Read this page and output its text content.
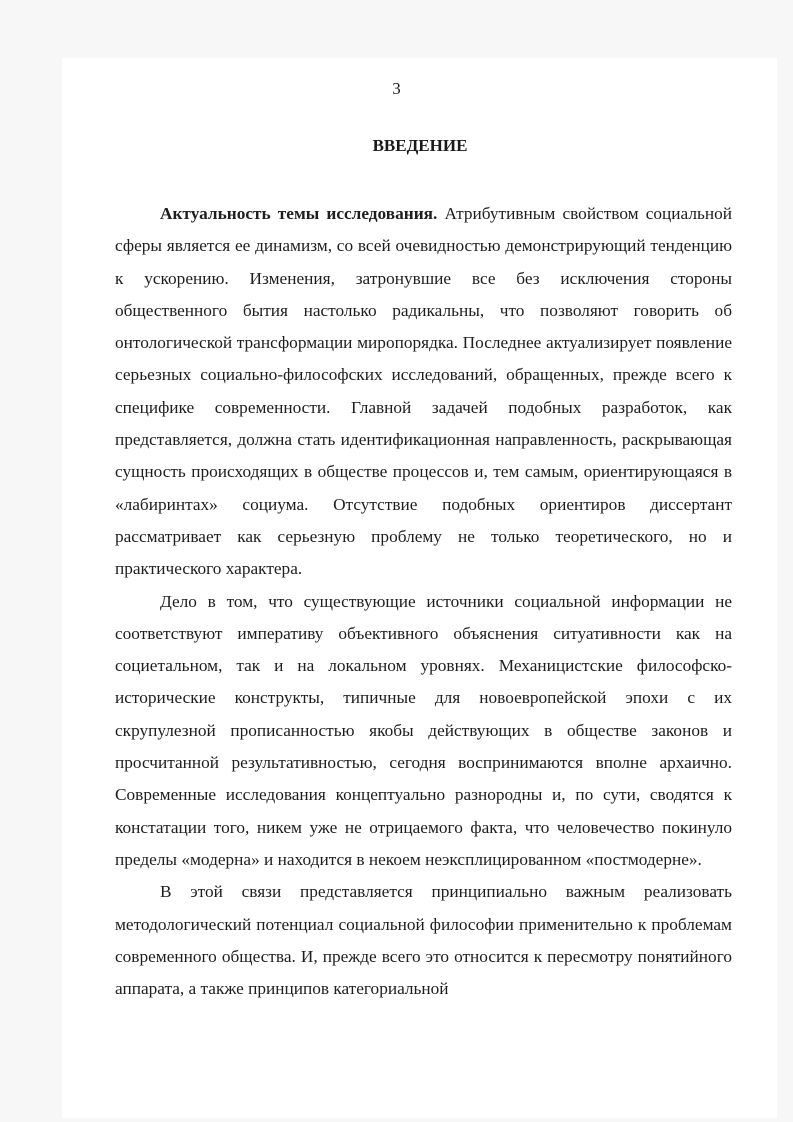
3

ВВЕДЕНИЕ

Актуальность темы исследования. Атрибутивным свойством социальной сферы является ее динамизм, со всей очевидностью демонстрирующий тенденцию к ускорению. Изменения, затронувшие все без исключения стороны общественного бытия настолько радикальны, что позволяют говорить об онтологической трансформации миропорядка. Последнее актуализирует появление серьезных социально-философских исследований, обращенных, прежде всего к специфике современности. Главной задачей подобных разработок, как представляется, должна стать идентификационная направленность, раскрывающая сущность происходящих в обществе процессов и, тем самым, ориентирующаяся в «лабиринтах» социума. Отсутствие подобных ориентиров диссертант рассматривает как серьезную проблему не только теоретического, но и практического характера.

Дело в том, что существующие источники социальной информации не соответствуют императиву объективного объяснения ситуативности как на социетальном, так и на локальном уровнях. Механицистские философско-исторические конструкты, типичные для новоевропейской эпохи с их скрупулезной прописанностью якобы действующих в обществе законов и просчитанной результативностью, сегодня воспринимаются вполне архаично. Современные исследования концептуально разнородны и, по сути, сводятся к констатации того, никем уже не отрицаемого факта, что человечество покинуло пределы «модерна» и находится в некоем неэксплицированном «постмодерне».

В этой связи представляется принципиально важным реализовать методологический потенциал социальной философии применительно к проблемам современного общества. И, прежде всего это относится к пересмотру понятийного аппарата, а также принципов категориальной
